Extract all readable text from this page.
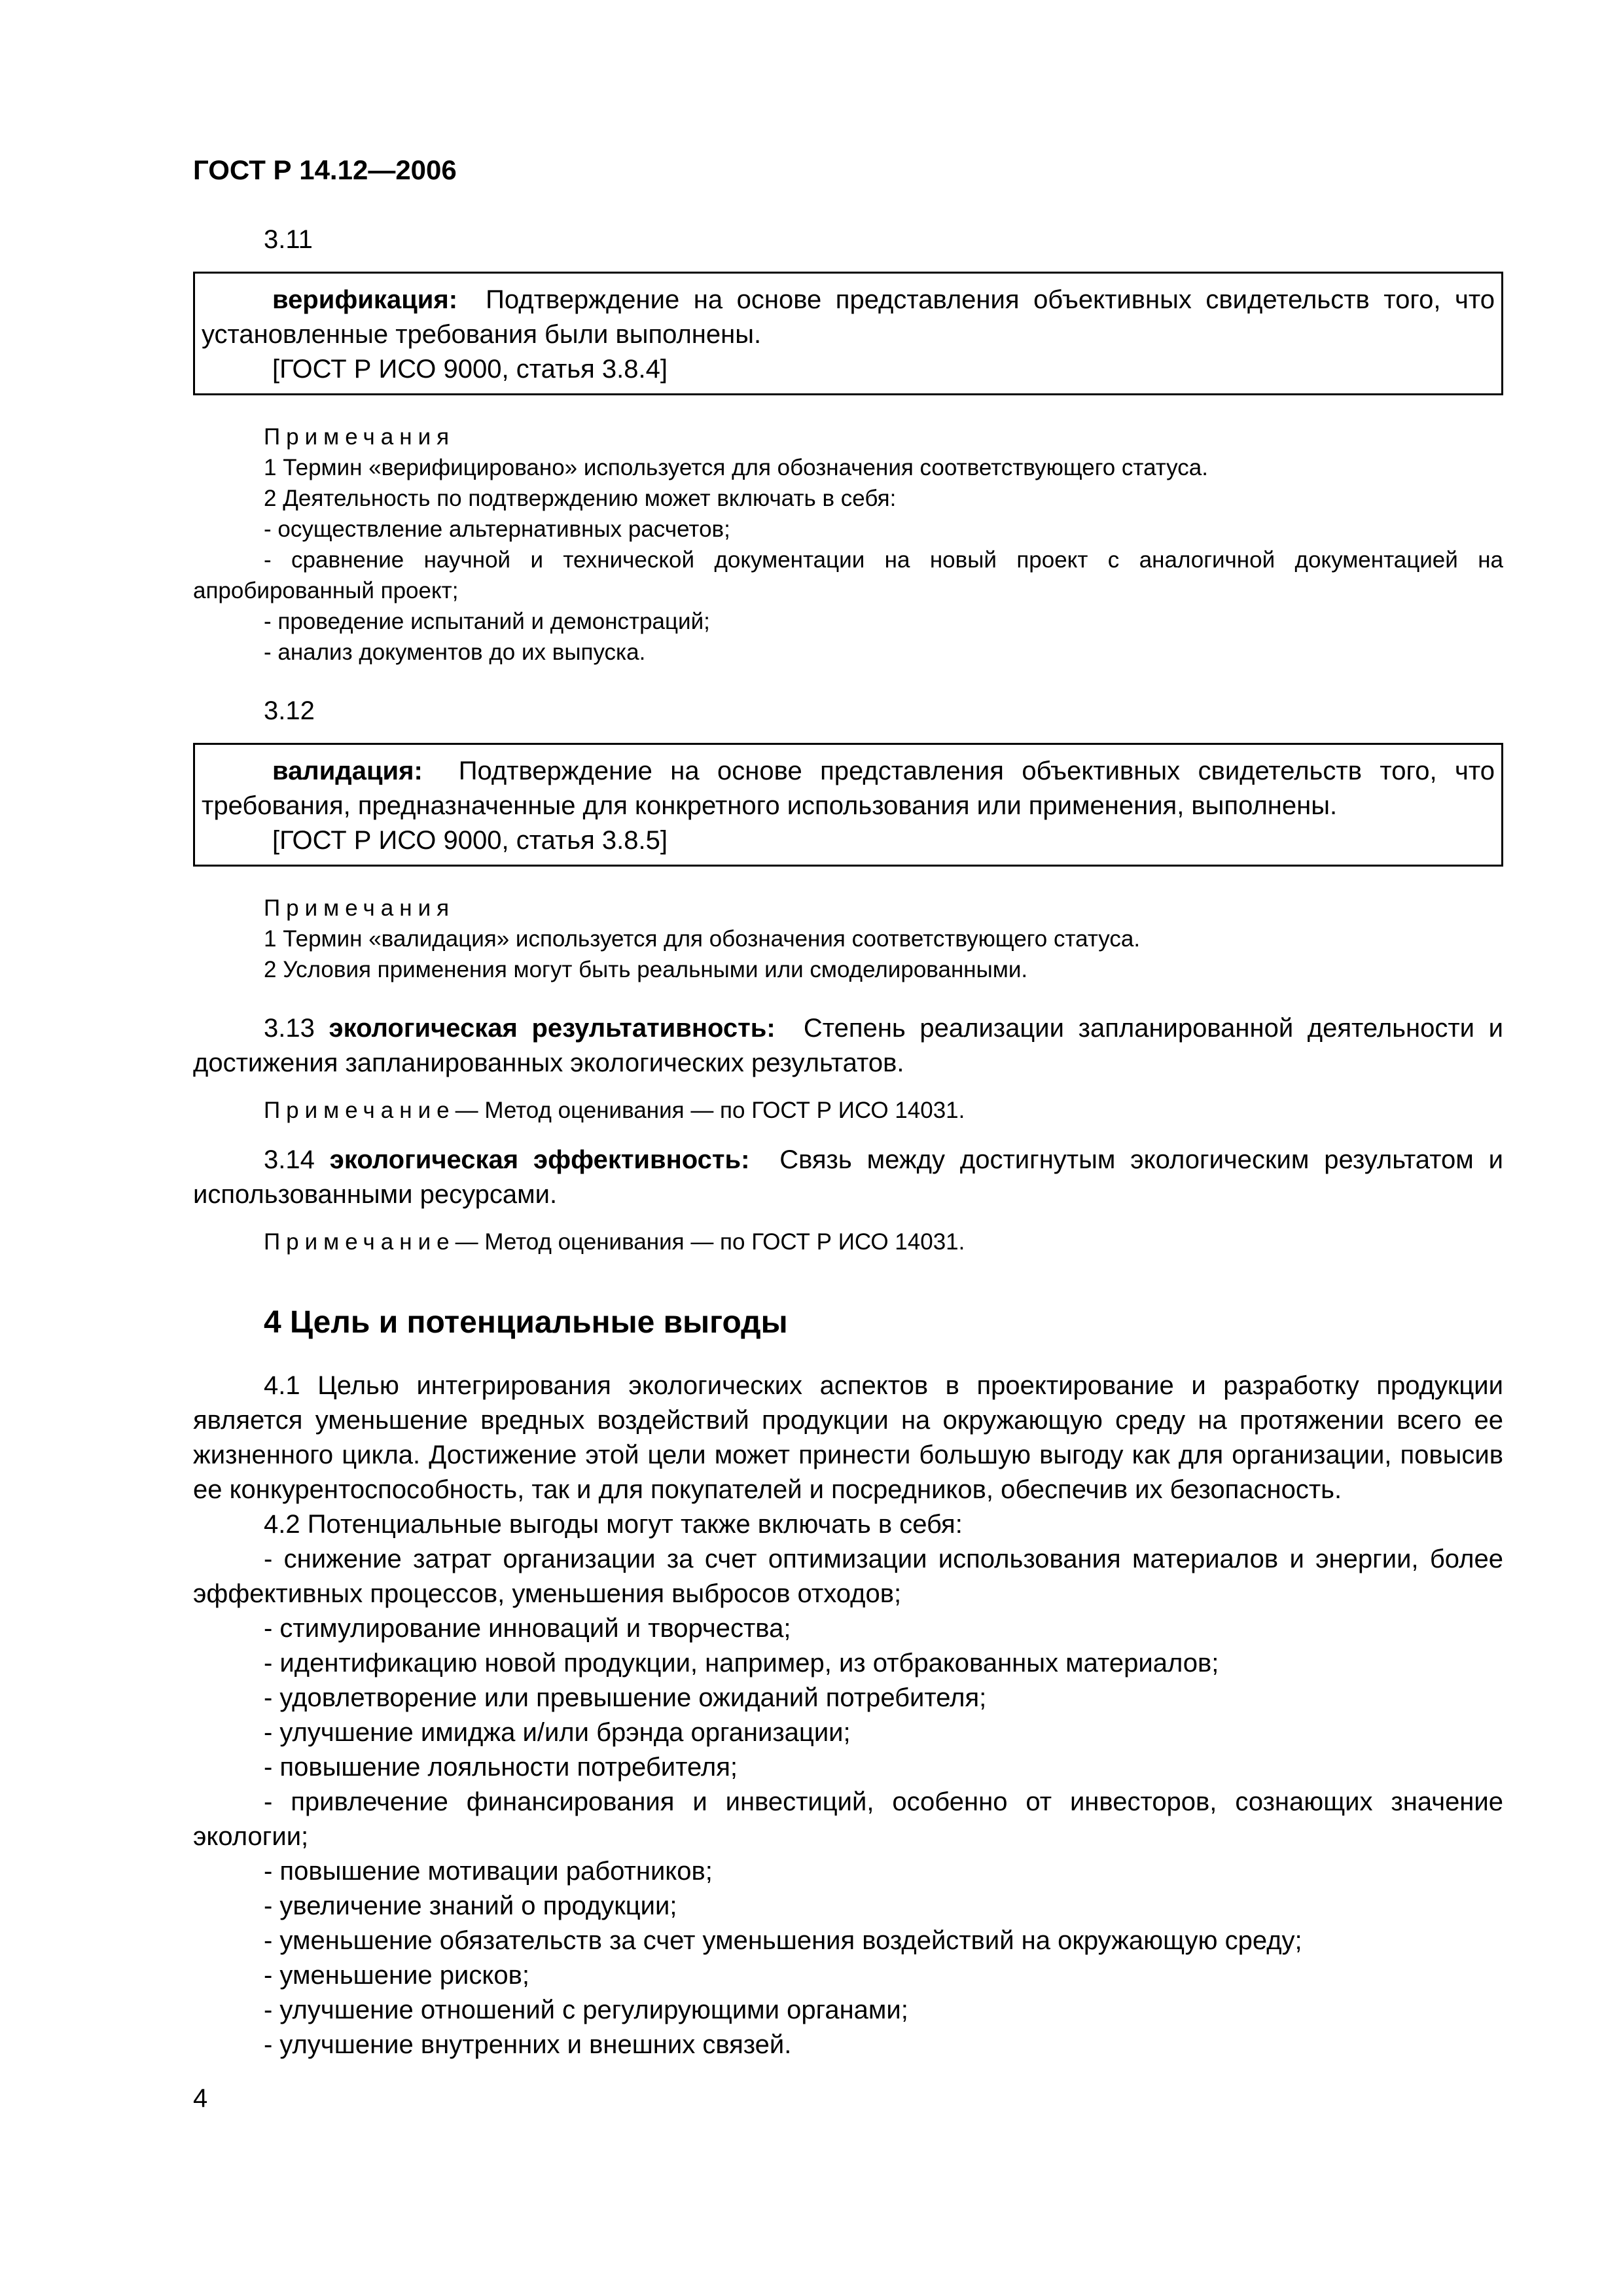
ГОСТ Р 14.12—2006

3.11

верификация: Подтверждение на основе представления объективных свидетельств того, что установленные требования были выполнены.

[ГОСТ Р ИСО 9000, статья 3.8.4]

Примечания

1 Термин «верифицировано» используется для обозначения соответствующего статуса.

2 Деятельность по подтверждению может включать в себя:

- осуществление альтернативных расчетов;

- сравнение научной и технической документации на новый проект с аналогичной документацией на апробированный проект;

- проведение испытаний и демонстраций;

- анализ документов до их выпуска.

3.12

валидация: Подтверждение на основе представления объективных свидетельств того, что требования, предназначенные для конкретного использования или применения, выполнены.

[ГОСТ Р ИСО 9000, статья 3.8.5]

Примечания

1 Термин «валидация» используется для обозначения соответствующего статуса.

2 Условия применения могут быть реальными или смоделированными.

3.13 экологическая результативность: Степень реализации запланированной деятельности и достижения запланированных экологических результатов.

Примечание— Метод оценивания — по ГОСТ Р ИСО 14031.

3.14 экологическая эффективность: Связь между достигнутым экологическим результатом и использованными ресурсами.

Примечание— Метод оценивания — по ГОСТ Р ИСО 14031.

4 Цель и потенциальные выгоды

4.1 Целью интегрирования экологических аспектов в проектирование и разработку продукции является уменьшение вредных воздействий продукции на окружающую среду на протяжении всего ее жизненного цикла. Достижение этой цели может принести большую выгоду как для организации, повысив ее конкурентоспособность, так и для покупателей и посредников, обеспечив их безопасность.

4.2 Потенциальные выгоды могут также включать в себя:

- снижение затрат организации за счет оптимизации использования материалов и энергии, более эффективных процессов, уменьшения выбросов отходов;

- стимулирование инноваций и творчества;

- идентификацию новой продукции, например, из отбракованных материалов;

- удовлетворение или превышение ожиданий потребителя;

- улучшение имиджа и/или брэнда организации;

- повышение лояльности потребителя;

- привлечение финансирования и инвестиций, особенно от инвесторов, сознающих значение экологии;

- повышение мотивации работников;

- увеличение знаний о продукции;

- уменьшение обязательств за счет уменьшения воздействий на окружающую среду;

- уменьшение рисков;

- улучшение отношений с регулирующими органами;

- улучшение внутренних и внешних связей.

4
